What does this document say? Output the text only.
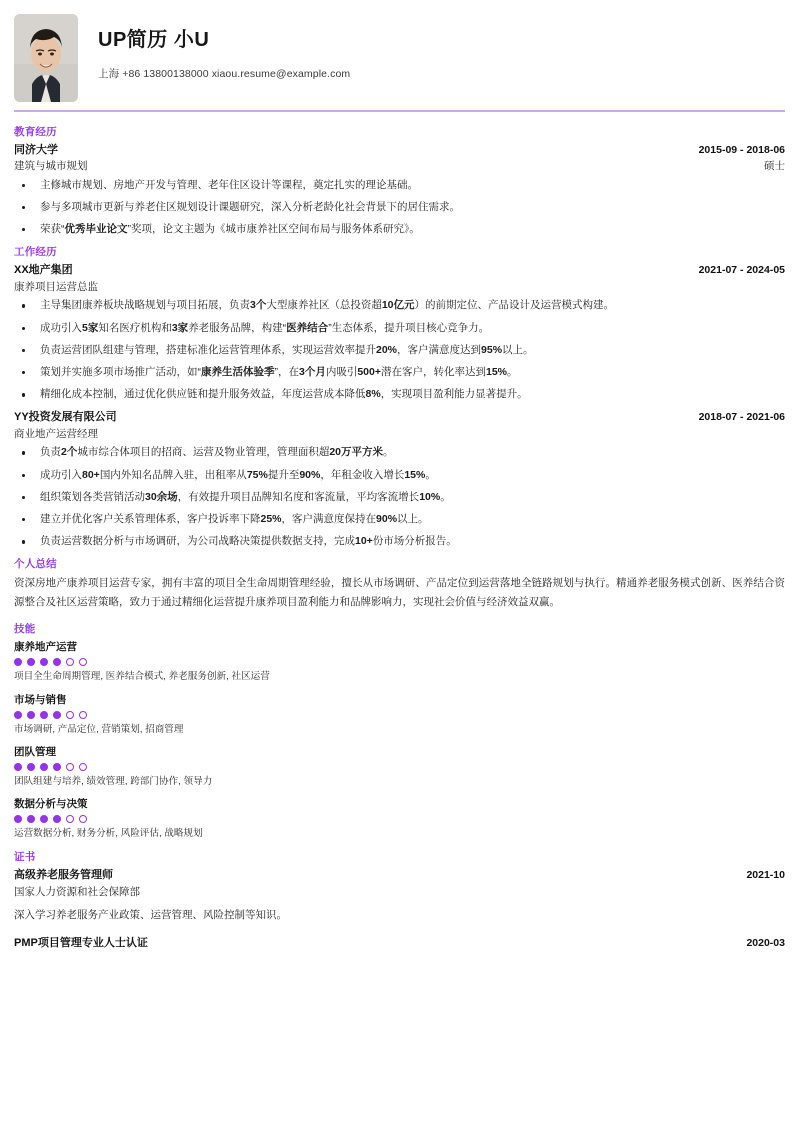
UP简历 小U
上海 +86 13800138000 xiaou.resume@example.com
教育经历
同济大学	2015-09 - 2018-06
建筑与城市规划	硕士
主修城市规划、房地产开发与管理、老年住区设计等课程，奠定扎实的理论基础。
参与多项城市更新与养老住区规划设计课题研究，深入分析老龄化社会背景下的居住需求。
荣获“优秀毕业论文”奖项，论文主题为《城市康养社区空间布局与服务体系研究》。
工作经历
XX地产集团	2021-07 - 2024-05
康养项目运营总监
主导集团康养板块战略规划与项目拓展，负责3个大型康养社区（总投资超10亿元）的前期定位、产品设计及运营模式构建。
成功引入5家知名医疗机构和3家养老服务品牌，构建“医养结合”生态体系，提升项目核心竞争力。
负责运营团队组建与管理，搭建标准化运营管理体系，实现运营效率提升20%，客户满意度达到95%以上。
策划并实施多项市场推广活动，如“康养生活体验季”，在3个月内吸引500+潜在客户，转化率达到15%。
精细化成本控制，通过优化供应链和提升服务效益，年度运营成本降低8%，实现项目盈利能力显著提升。
YY投资发展有限公司	2018-07 - 2021-06
商业地产运营经理
负责2个城市综合体项目的招商、运营及物业管理，管理面积超20万平方米。
成功引入80+国内外知名品牌入驻，出租率从75%提升至90%，年租金收入增长15%。
组织策划各类营销活动30余场，有效提升项目品牌知名度和客流量，平均客流增长10%。
建立并优化客户关系管理体系，客户投诉率下降25%，客户满意度保持在90%以上。
负责运营数据分析与市场调研，为公司战略决策提供数据支持，完成10+份市场分析报告。
个人总结
资深房地产康养项目运营专家，拥有丰富的项目全生命周期管理经验，擅长从市场调研、产品定位到运营落地全链路规划与执行。精通养老服务模式创新、医养结合资源整合及社区运营策略，致力于通过精细化运营提升康养项目盈利能力和品牌影响力，实现社会价值与经济效益双赢。
技能
康养地产运营
项目全生命周期管理, 医养结合模式, 养老服务创新, 社区运营
市场与销售
市场调研, 产品定位, 营销策划, 招商管理
团队管理
团队组建与培养, 绩效管理, 跨部门协作, 领导力
数据分析与决策
运营数据分析, 财务分析, 风险评估, 战略规划
证书
高级养老服务管理师	2021-10
国家人力资源和社会保障部
深入学习养老服务产业政策、运营管理、风险控制等知识。
PMP项目管理专业人士认证	2020-03
